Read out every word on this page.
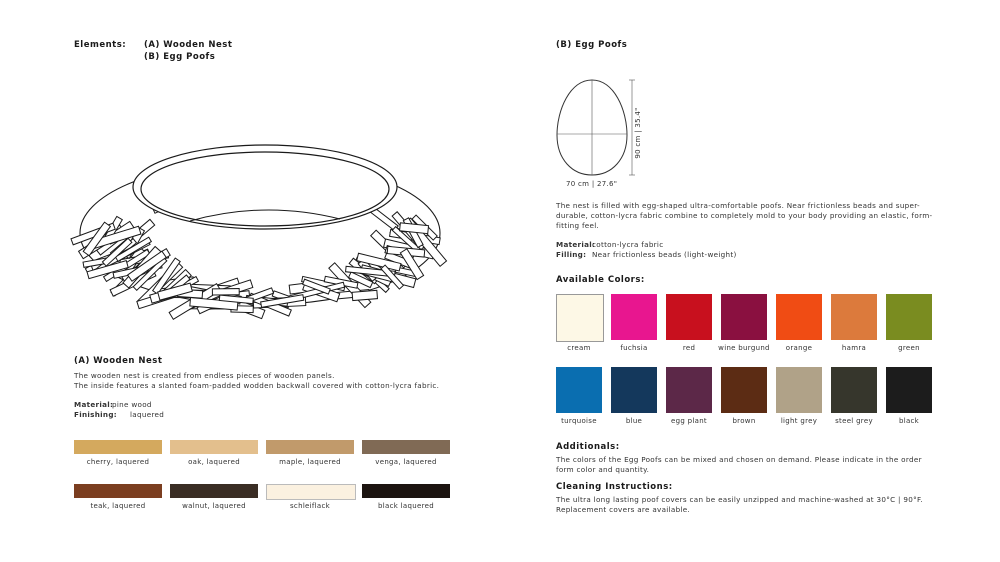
Elements: (A) Wooden Nest
(B) Egg Poofs
(A) Wooden Nest
The wooden nest is created from endless pieces of wooden panels.
The inside features a slanted foam-padded wodden backwall covered with cotton-lycra fabric.
Material:
pine wood
Finishing: laquered
cherry, laquered	oak, laquered	maple, laquered	venga, laquered
teak, laquered	walnut, laquered	schleiflack	black laquered
(B) Egg Poofs
70 cm | 27.6"
90 cm | 35.4"
The nest is filled with egg-shaped ultra-comfortable poofs. Near frictionless beads and super-
durable, cotton-lycra fabric combine to completely mold to your body providing an elastic, form-
fitting feel.
Material:
cotton-lycra fabric
Filling: Near frictionless beads (light-weight)
Available Colors:
cream	fuchsia	red	wine burgund	orange	hamra	green
turquoise	blue	egg plant	brown	light grey	steel grey	black
Additionals:
The colors of the Egg Poofs can be mixed and chosen on demand. Please indicate in the order
form color and quantity.
Cleaning Instructions:
The ultra long lasting poof covers can be easily unzipped and machine-washed at 30°C | 90°F.
Replacement covers are available.
